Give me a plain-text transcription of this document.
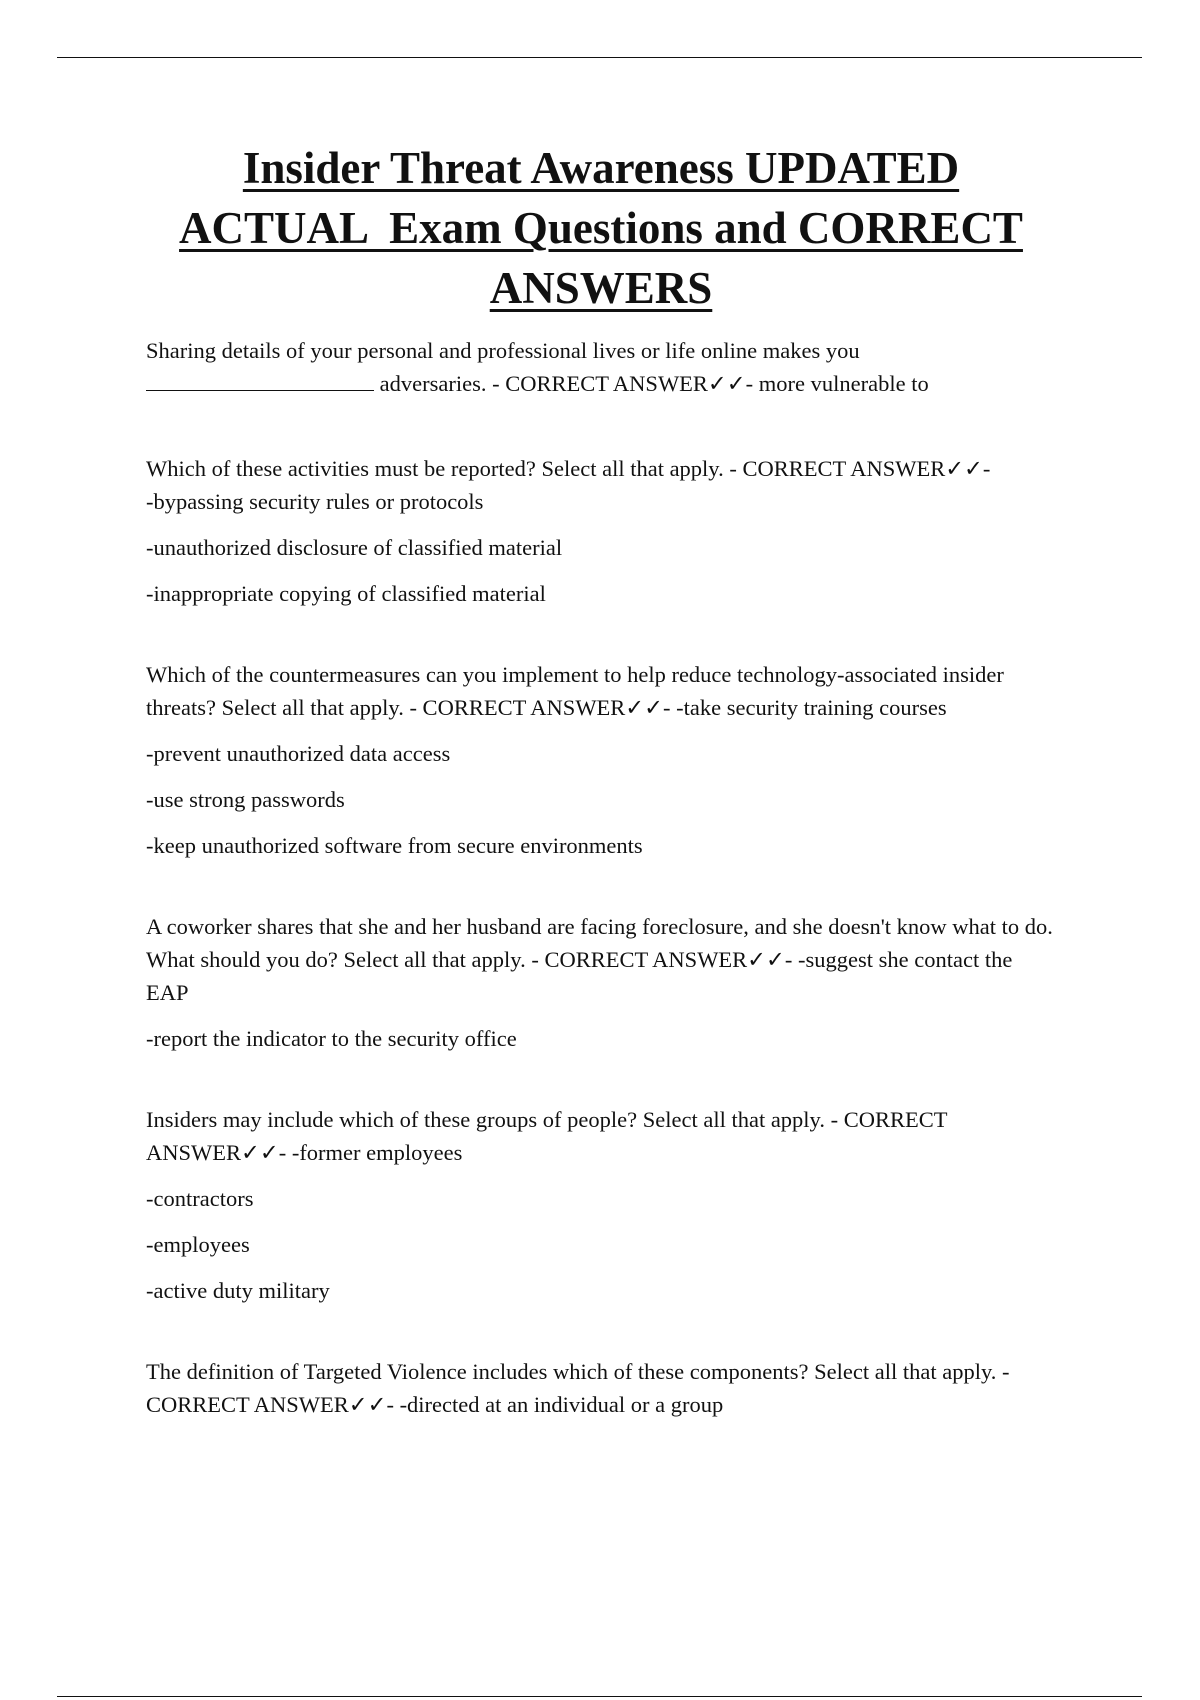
Insider Threat Awareness UPDATED
ACTUAL  Exam Questions and CORRECT
ANSWERS

Sharing details of your personal and professional lives or life online makes you
adversaries. - CORRECT ANSWER✓✓- more vulnerable to

Which of these activities must be reported? Select all that apply. - CORRECT ANSWER✓✓-
-bypassing security rules or protocols

-unauthorized disclosure of classified material

-inappropriate copying of classified material

Which of the countermeasures can you implement to help reduce technology-associated insider threats? Select all that apply. - CORRECT ANSWER✓✓- -take security training courses

-prevent unauthorized data access

-use strong passwords

-keep unauthorized software from secure environments

A coworker shares that she and her husband are facing foreclosure, and she doesn't know what to do. What should you do? Select all that apply. - CORRECT ANSWER✓✓- -suggest she contact the EAP

-report the indicator to the security office

Insiders may include which of these groups of people? Select all that apply. - CORRECT ANSWER✓✓- -former employees

-contractors

-employees

-active duty military

The definition of Targeted Violence includes which of these components? Select all that apply. - CORRECT ANSWER✓✓- -directed at an individual or a group
